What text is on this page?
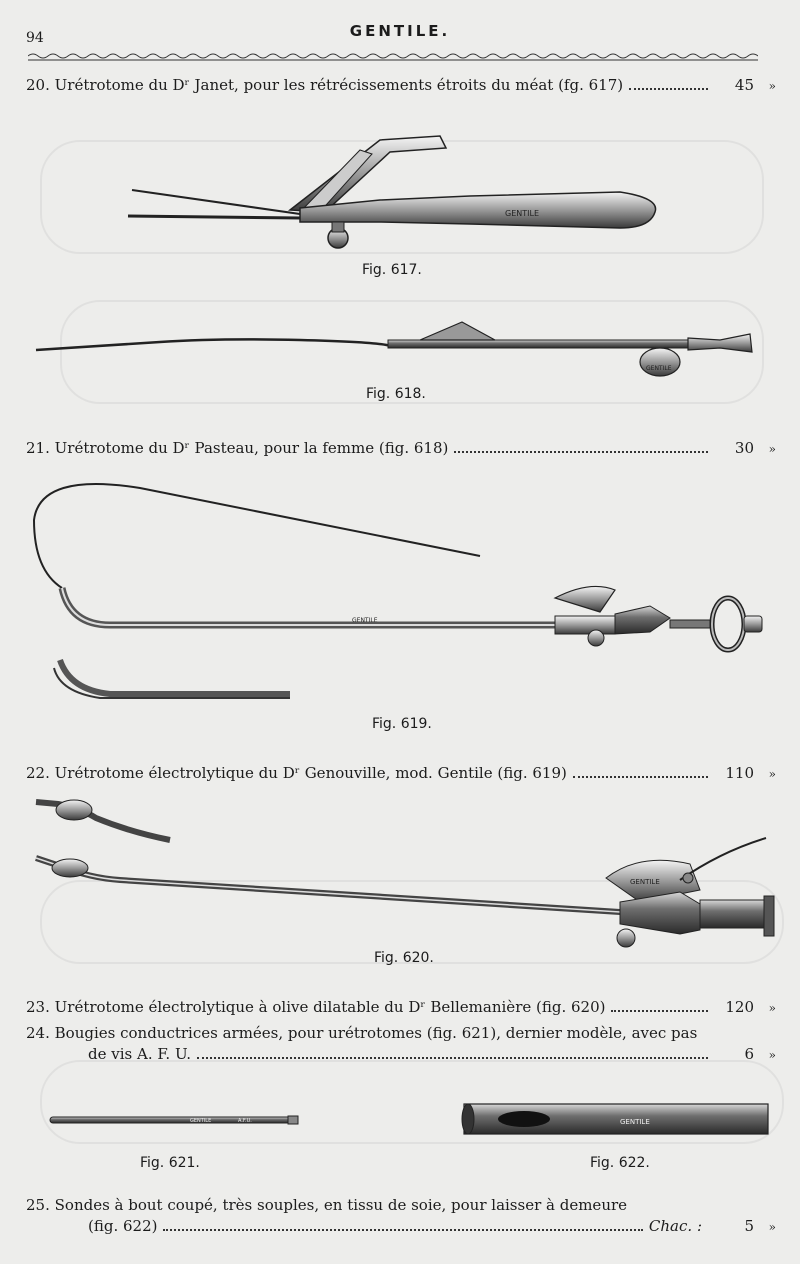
94	GENTILE.
20.
Urétrotome du Dʳ Janet, pour les rétrécissements étroits du méat (fg. 617)	45	»
21.
Urétrotome du Dʳ Pasteau, pour la femme (fig. 618)	30	»
22.
Urétrotome électrolytique du Dʳ Genouville, mod. Gentile (fig. 619)	110	»
23.
Urétrotome électrolytique à olive dilatable du Dʳ Bellemanière (fig. 620)	120	»
24.
Bougies conductrices armées, pour urétrotomes (fig. 621), dernier modèle, avec pas
de vis A. F. U.	6	»
25.
Sondes à bout coupé, très souples, en tissu de soie, pour laisser à demeure
(fig. 622)	Chac. :	5	»
Fig. 617.
Fig. 618.
Fig. 619.
Fig. 620.
Fig. 621.	Fig. 622.
GENTILE
GENTILE
GENTILE
GENTILE
GENTILE	A.F.U.	GENTILE
